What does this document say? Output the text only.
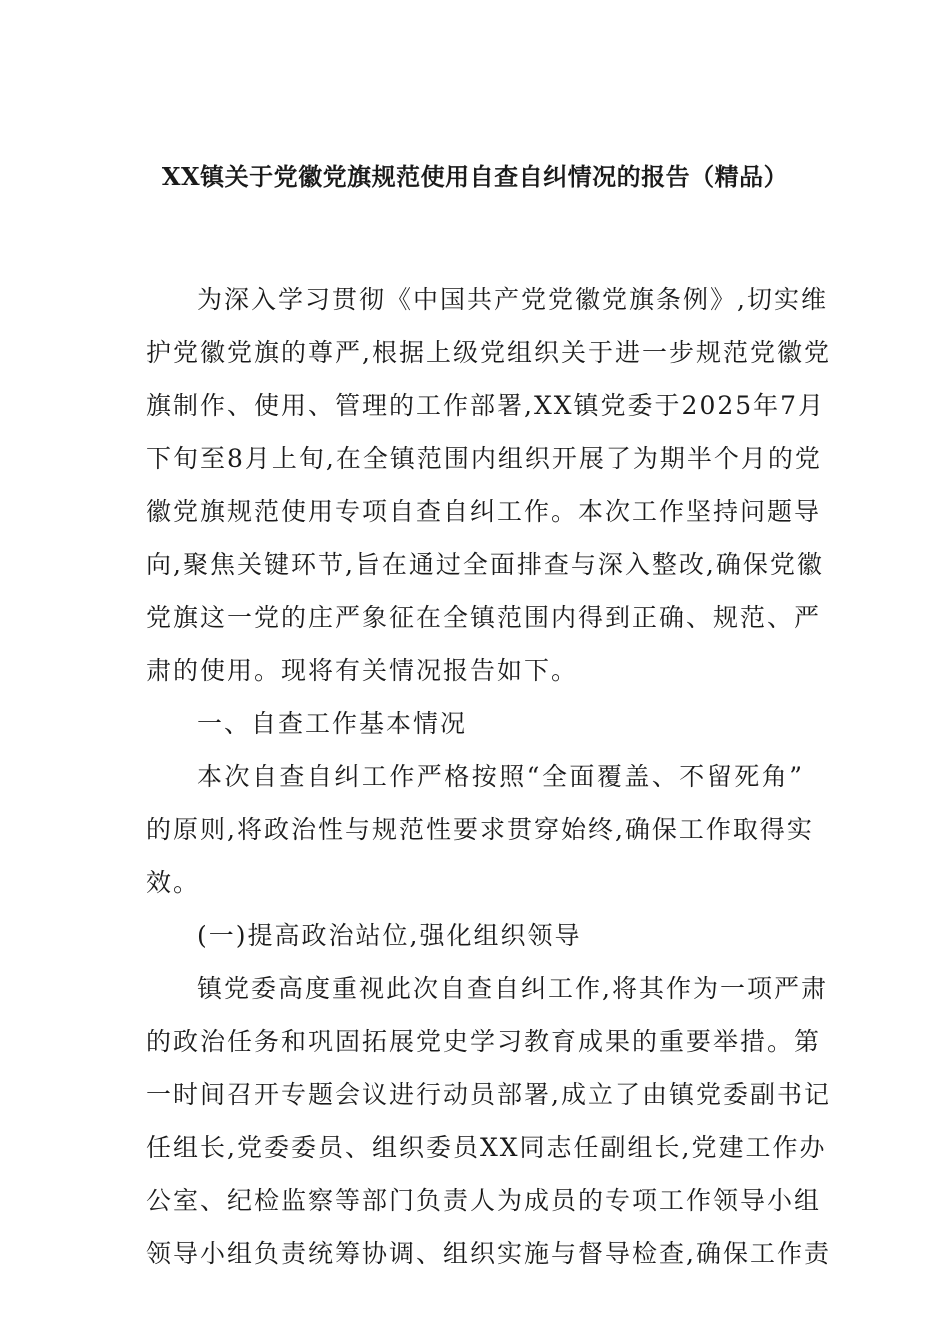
XX镇关于党徽党旗规范使用自查自纠情况的报告（精品）
为深入学习贯彻《中国共产党党徽党旗条例》,切实维
护党徽党旗的尊严,根据上级党组织关于进一步规范党徽党
旗制作、使用、管理的工作部署,XX镇党委于2025年7月
下旬至8月上旬,在全镇范围内组织开展了为期半个月的党
徽党旗规范使用专项自查自纠工作。本次工作坚持问题导
向,聚焦关键环节,旨在通过全面排查与深入整改,确保党徽
党旗这一党的庄严象征在全镇范围内得到正确、规范、严
肃的使用。现将有关情况报告如下。
一、自查工作基本情况
本次自查自纠工作严格按照“全面覆盖、不留死角”
的原则,将政治性与规范性要求贯穿始终,确保工作取得实
效。
(一)提高政治站位,强化组织领导
镇党委高度重视此次自查自纠工作,将其作为一项严肃
的政治任务和巩固拓展党史学习教育成果的重要举措。第
一时间召开专题会议进行动员部署,成立了由镇党委副书记
任组长,党委委员、组织委员XX同志任副组长,党建工作办
公室、纪检监察等部门负责人为成员的专项工作领导小组
领导小组负责统筹协调、组织实施与督导检查,确保工作责
